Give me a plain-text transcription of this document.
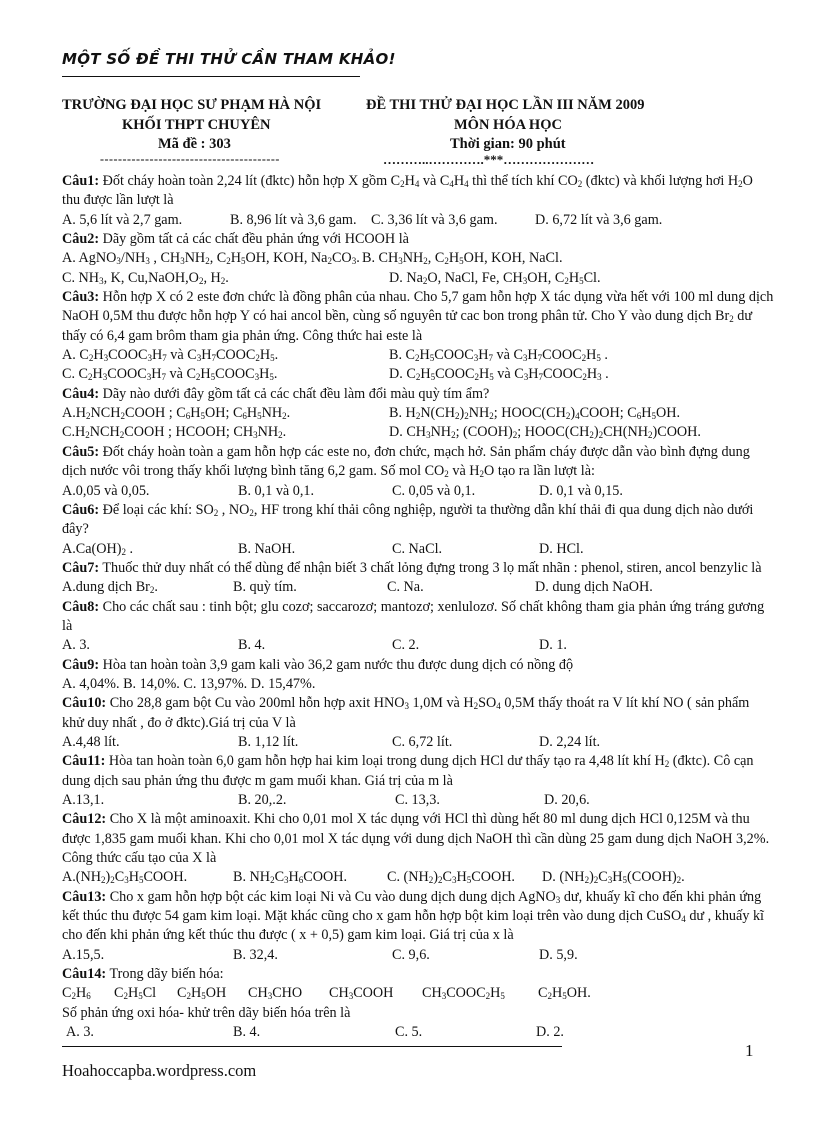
MỘT SỐ ĐỀ THI THỬ CẦN THAM KHẢO!
TRƯỜNG ĐẠI HỌC SƯ PHẠM HÀ NỘI
KHỐI THPT CHUYÊN
Mã đề : 303
----------------------------------------
ĐỀ THI THỬ ĐẠI HỌC LẦN III NĂM 2009
MÔN HÓA HỌC
Thời gian: 90 phút
………..………….***…………………
Câu1: Đốt cháy hoàn toàn 2,24 lít (đktc) hỗn hợp X gồm $C_2H_4$ và $C_4H_4$ thì thể tích khí $CO_2$ (đktc) và khối lượng hơi $H_2O$ thu được lần lượt là
A. 5,6 lít và 2,7 gam.	B. 8,96 lít và 3,6 gam. C. 3,36 lít và 3,6 gam.	D. 6,72 lít và 3,6 gam.
Câu2: Dãy gồm tất cả các chất đều phản ứng với HCOOH là
A. $AgNO_3/NH_3$ , $CH_3NH_2$, $C_2H_5OH$, KOH, $Na_2CO_3$. B. $CH_3NH_2$, $C_2H_5OH$, KOH, NaCl.
C. $NH_3$, K, $Cu,NaOH,O_2$, $H_2$.	D. $Na_2O$, NaCl, Fe, $CH_3OH$, $C_2H_5Cl$.
Câu3: Hỗn hợp X có 2 este đơn chức là đồng phân của nhau. Cho 5,7 gam hỗn hợp X tác dụng vừa hết với 100 ml dung dịch NaOH 0,5M thu được hỗn hợp Y có hai ancol bền, cùng số nguyên tử cac bon trong phân tử. Cho Y vào dung dịch $Br_2$ dư thấy có 6,4 gam brôm tham gia phản ứng. Công thức hai este là
A. $C_2H_3COOC_3H_7$ và $C_3H_7COOC_2H_5$.	B. $C_2H_5COOC_3H_7$ và $C_3H_7COOC_2H_5$ .
C. $C_2H_3COOC_3H_7$ và $C_2H_5COOC_3H_5$.	D. $C_2H_5COOC_2H_5$ và $C_3H_7COOC_2H_3$ .
Câu4: Dãy nào dưới đây gồm tất cả các chất đều làm đổi màu quỳ tím ẩm?
$A.H_2NCH_2COOH$ ; $C_6H_5OH$; $C_6H_5NH_2$.	B. $H_2N(CH_2)_2NH_2$; $HOOC(CH_2)_4COOH$; $C_6H_5OH$.
$C.H_2NCH_2COOH$ ; HCOOH; $CH_3NH_2$.	D. $CH_3NH_2$; $(COOH)_2$; $HOOC(CH_2)_2CH(NH_2)COOH$.
Câu5: Đốt cháy hoàn toàn a gam hỗn hợp các este no, đơn chức, mạch hở. Sản phẩm cháy được dẫn vào bình đựng dung dịch nước vôi trong thấy khối lượng bình tăng 6,2 gam. Số mol $CO_2$ và $H_2O$ tạo ra lần lượt là:
A.0,05 và 0,05.	B. 0,1 và 0,1.	C. 0,05 và 0,1.	D. 0,1 và 0,15.
Câu6: Để loại các khí: $SO_2$ , $NO_2$, HF trong khí thải công nghiệp, người ta thường dẫn khí thải đi qua dung dịch nào dưới đây?
$A.Ca(OH)_2$ .	B. NaOH.	C. NaCl.	D. HCl.
Câu7: Thuốc thử duy nhất có thể dùng để nhận biết 3 chất lỏng đựng trong 3 lọ mất nhãn : phenol, stiren, ancol benzylic là
A.dung dịch $Br_2$.	B. quỳ tím.	C. Na.	D. dung dịch NaOH.
Câu8: Cho các chất sau : tinh bột; glu cozơ; saccarozơ; mantozơ; xenlulozơ. Số chất không tham gia phản ứng tráng gương là
A. 3.	B. 4.	C. 2.	D. 1.
Câu9: Hòa tan hoàn toàn 3,9 gam kali vào 36,2 gam nước thu được dung dịch có nồng độ
A. 4,04%. B. 14,0%. C. 13,97%. D. 15,47%.
Câu10: Cho 28,8 gam bột Cu vào 200ml hỗn hợp axit $HNO_3$ 1,0M và $H_2SO_4$ 0,5M thấy thoát ra V lít khí NO ( sản phẩm khử duy nhất , đo ở đktc).Giá trị của V là
A.4,48 lít.	B. 1,12 lít.	C. 6,72 lít.	D. 2,24 lít.
Câu11: Hòa tan hoàn toàn 6,0 gam hỗn hợp hai kim loại trong dung dịch HCl dư thấy tạo ra 4,48 lít khí $H_2$ (đktc). Cô cạn dung dịch sau phản ứng thu được m gam muối khan. Giá trị của m là
A.13,1.	B. 20,.2.	C. 13,3.	D. 20,6.
Câu12: Cho X là một aminoaxit. Khi cho 0,01 mol X tác dụng với HCl thì dùng hết 80 ml dung dịch HCl 0,125M và thu được 1,835 gam muối khan. Khi cho 0,01 mol X tác dụng với dung dịch NaOH thì cần dùng 25 gam dung dịch NaOH 3,2%. Công thức cấu tạo của X là
$A.(NH_2)_2C_3H_5COOH$.	B. $NH_2C_3H_6COOH$.	C. $(NH_2)_2C_3H_5COOH$. D. $(NH_2)_2C_3H_5(COOH)_2$.
Câu13: Cho x gam hỗn hợp bột các kim loại Ni và Cu vào dung dịch dung dịch AgNO$_3$ dư, khuấy kĩ cho đến khi phản ứng kết thúc thu được 54 gam kim loại. Mặt khác cũng cho x gam hỗn hợp bột kim loại trên vào dung dịch CuSO$_4$ dư , khuấy kĩ cho đến khi phản ứng kết thúc thu được ( x + 0,5) gam kim loại. Giá trị của x là
A.15,5.	B. 32,4.	C. 9,6.	D. 5,9.
Câu14: Trong dãy biến hóa:
$C_2H_6$ $C_2H_5Cl$ $C_2H_5OH$ $CH_3CHO$ $CH_3COOH$ $CH_3COOC_2H_5$ $C_2H_5OH$.
Số phản ứng oxi hóa- khử trên dãy biến hóa trên là
A. 3.	B. 4.	C. 5.	D. 2.
1
Hoahoccapba.wordpress.com
